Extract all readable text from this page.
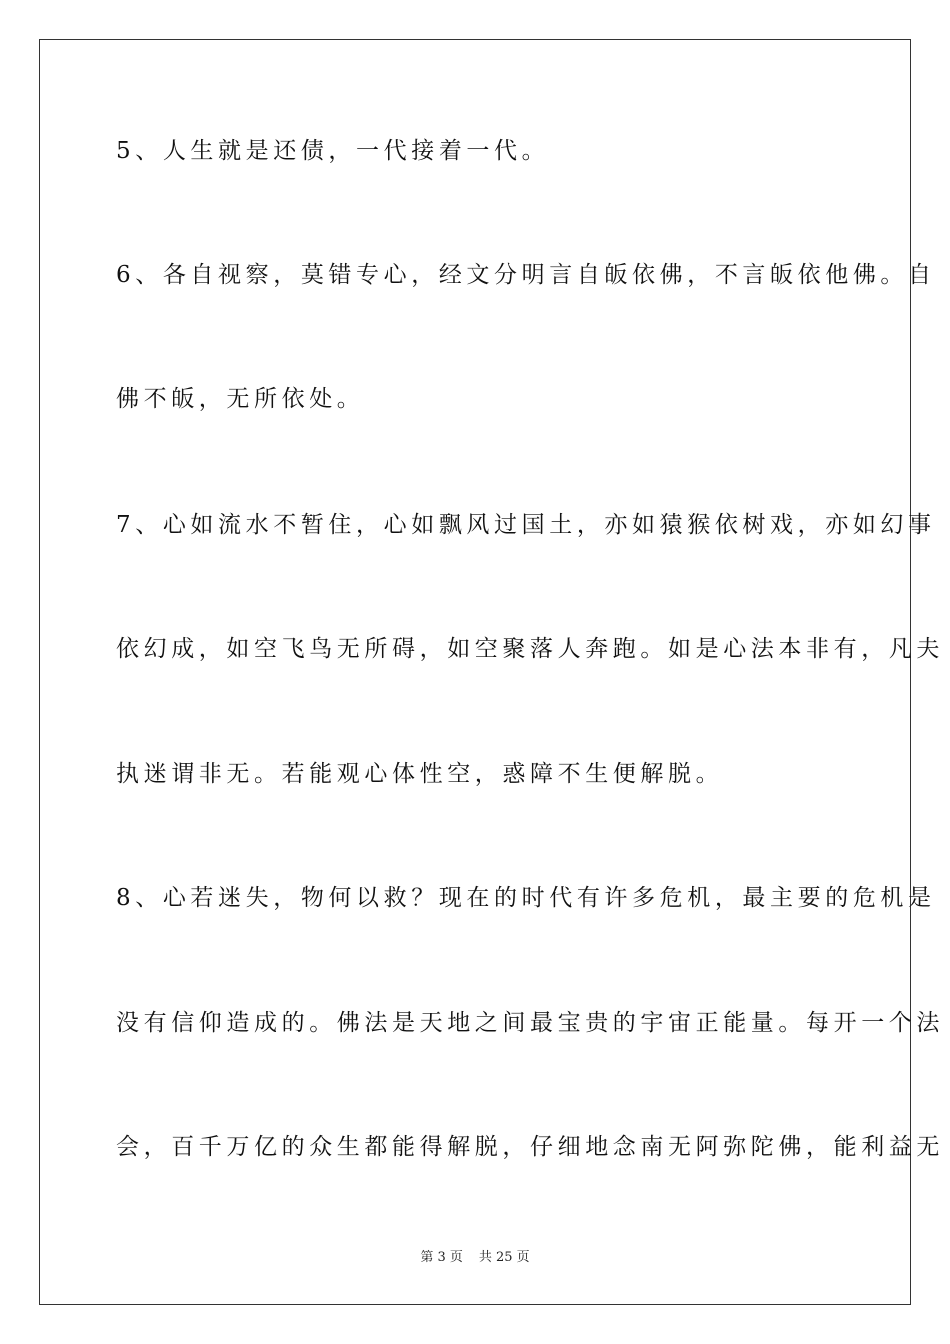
5、人生就是还债，一代接着一代。
6、各自视察，莫错专心，经文分明言自皈依佛，不言皈依他佛。自
佛不皈，无所依处。
7、心如流水不暂住，心如飘风过国土，亦如猿猴依树戏，亦如幻事
依幻成，如空飞鸟无所碍，如空聚落人奔跑。如是心法本非有，凡夫
执迷谓非无。若能观心体性空，惑障不生便解脱。
8、心若迷失，物何以救？现在的时代有许多危机，最主要的危机是
没有信仰造成的。佛法是天地之间最宝贵的宇宙正能量。每开一个法
会，百千万亿的众生都能得解脱，仔细地念南无阿弥陀佛，能利益无
第 3 页 共 25 页
